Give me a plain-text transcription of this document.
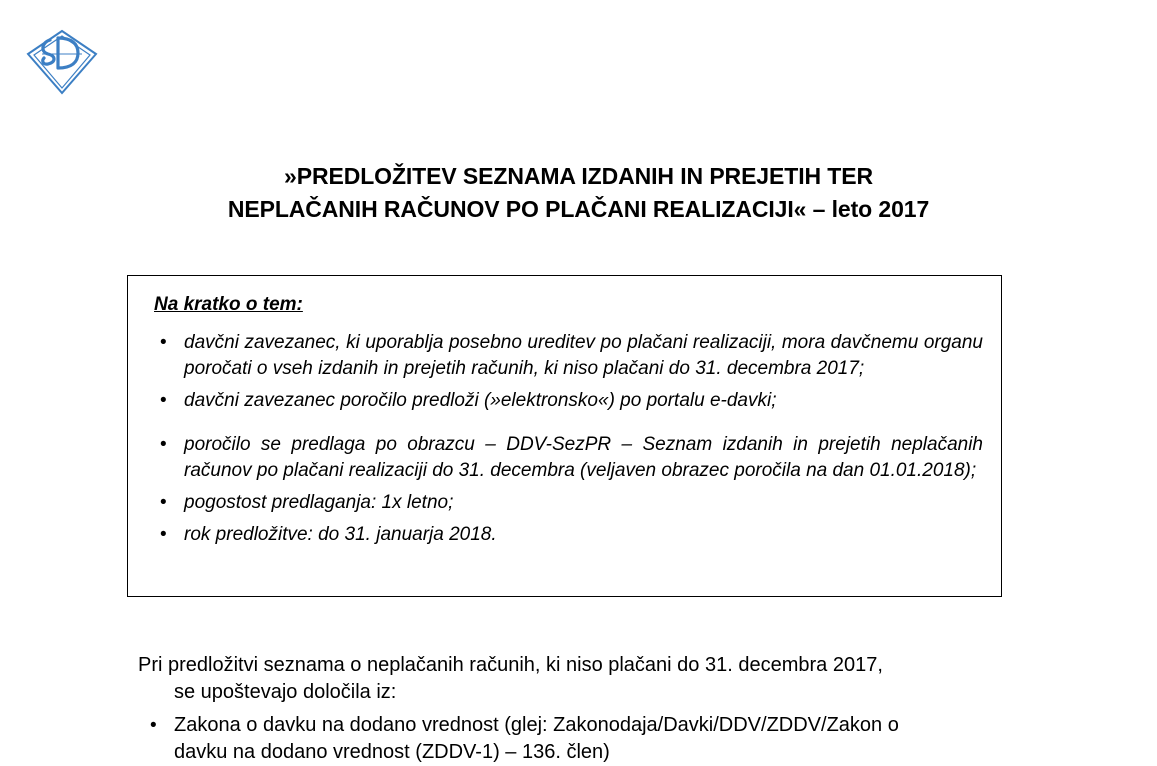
»PREDLOŽITEV SEZNAMA IZDANIH IN PREJETIH TER
NEPLAČANIH RAČUNOV PO PLAČANI REALIZACIJI« – leto 2017
Na kratko o tem:
• davčni zavezanec, ki uporablja posebno ureditev po plačani realizaciji, mora davčnemu organu poročati o vseh izdanih in prejetih računih, ki niso plačani do 31. decembra 2017;
• davčni zavezanec poročilo predloži (»elektronsko«) po portalu e-davki;
• poročilo se predlaga po obrazcu – DDV-SezPR – Seznam izdanih in prejetih neplačanih računov po plačani realizaciji do 31. decembra (veljaven obrazec poročila na dan 01.01.2018);
• pogostost predlaganja: 1x letno;
• rok predložitve: do 31. januarja 2018.

Pri predložitvi seznama o neplačanih računih, ki niso plačani do 31. decembra 2017,
se upoštevajo določila iz:

• Zakona o davku na dodano vrednost (glej: Zakonodaja/Davki/DDV/ZDDV/Zakon o
davku na dodano vrednost (ZDDV-1) – 136. člen)
